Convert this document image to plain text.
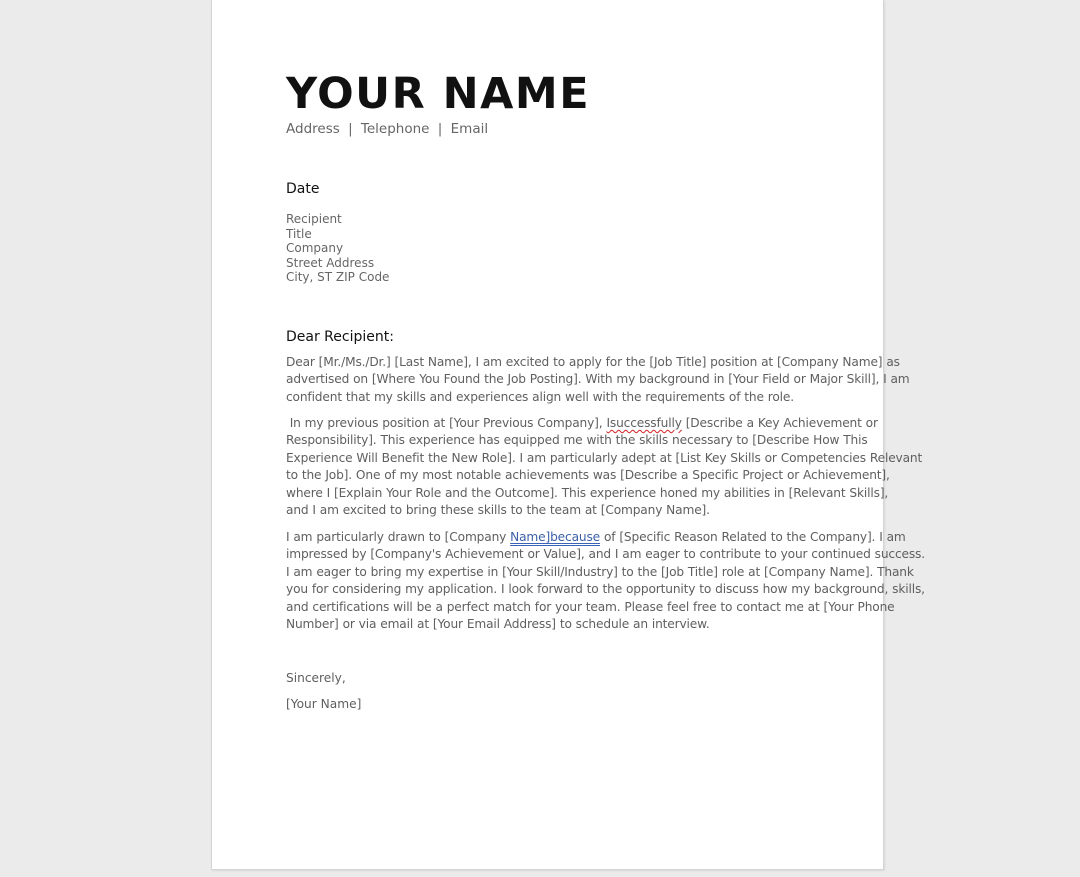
YOUR NAME
Address | Telephone | Email
Date
Recipient
Title
Company
Street Address
City, ST ZIP Code
Dear Recipient:

Dear [Mr./Ms./Dr.] [Last Name], I am excited to apply for the [Job Title] position at [Company Name] as
advertised on [Where You Found the Job Posting]. With my background in [Your Field or Major Skill], I am
confident that my skills and experiences align well with the requirements of the role.

In my previous position at [Your Previous Company], Isuccessfully [Describe a Key Achievement or
Responsibility]. This experience has equipped me with the skills necessary to [Describe How This
Experience Will Benefit the New Role]. I am particularly adept at [List Key Skills or Competencies Relevant
to the Job]. One of my most notable achievements was [Describe a Specific Project or Achievement],
where I [Explain Your Role and the Outcome]. This experience honed my abilities in [Relevant Skills],
and I am excited to bring these skills to the team at [Company Name].

I am particularly drawn to [Company Name]because of [Specific Reason Related to the Company]. I am
impressed by [Company's Achievement or Value], and I am eager to contribute to your continued success.
I am eager to bring my expertise in [Your Skill/Industry] to the [Job Title] role at [Company Name]. Thank
you for considering my application. I look forward to the opportunity to discuss how my background, skills,
and certifications will be a perfect match for your team. Please feel free to contact me at [Your Phone
Number] or via email at [Your Email Address] to schedule an interview.

Sincerely,
[Your Name]
